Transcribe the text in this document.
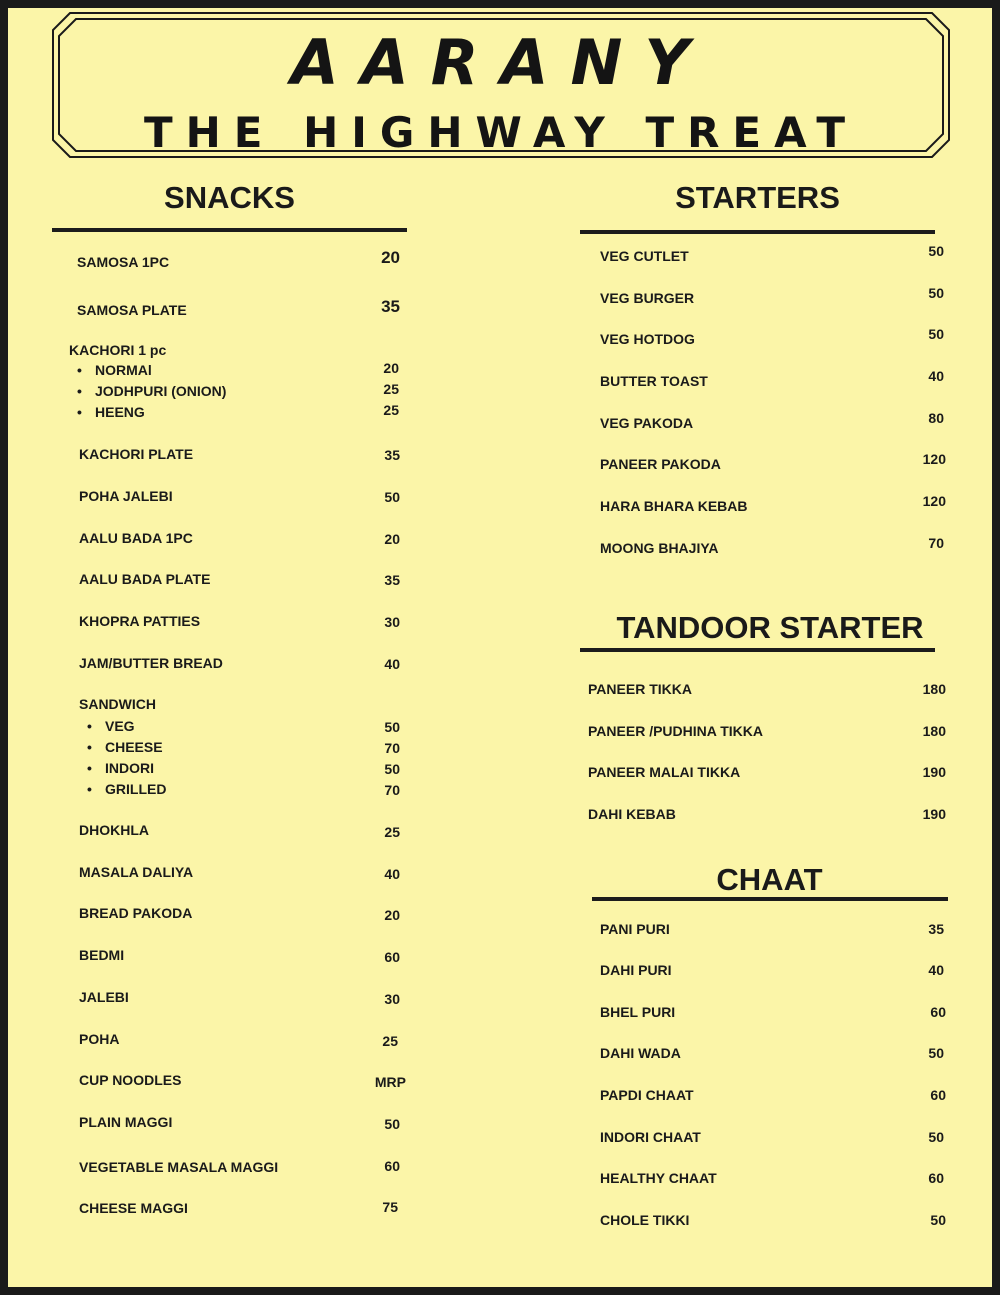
AARANY
THE HIGHWAY TREAT
SNACKS
SAMOSA 1PC	20
SAMOSA PLATE	35
KACHORI 1 pc
• NORMAl	20
• JODHPURI (ONION)	25
• HEENG	25
KACHORI PLATE	35
POHA JALEBI	50
AALU BADA 1PC	20
AALU BADA PLATE	35
KHOPRA PATTIES	30
JAM/BUTTER BREAD	40
SANDWICH
• VEG	50
• CHEESE	70
• INDORI	50
• GRILLED	70
DHOKHLA	25
MASALA DALIYA	40
BREAD PAKODA	20
BEDMI	60
JALEBI	30
POHA	25
CUP NOODLES	MRP
PLAIN MAGGI	50
VEGETABLE MASALA MAGGI	60
CHEESE MAGGI	75
STARTERS
VEG CUTLET	50
VEG BURGER	50
VEG HOTDOG	50
BUTTER TOAST	40
VEG PAKODA	80
PANEER PAKODA	120
HARA BHARA KEBAB	120
MOONG BHAJIYA	70
TANDOOR STARTER
PANEER TIKKA	180
PANEER /PUDHINA TIKKA	180
PANEER MALAI TIKKA	190
DAHI KEBAB	190
CHAAT
PANI PURI	35
DAHI PURI	40
BHEL PURI	60
DAHI WADA	50
PAPDI CHAAT	60
INDORI CHAAT	50
HEALTHY CHAAT	60
CHOLE TIKKI	50
